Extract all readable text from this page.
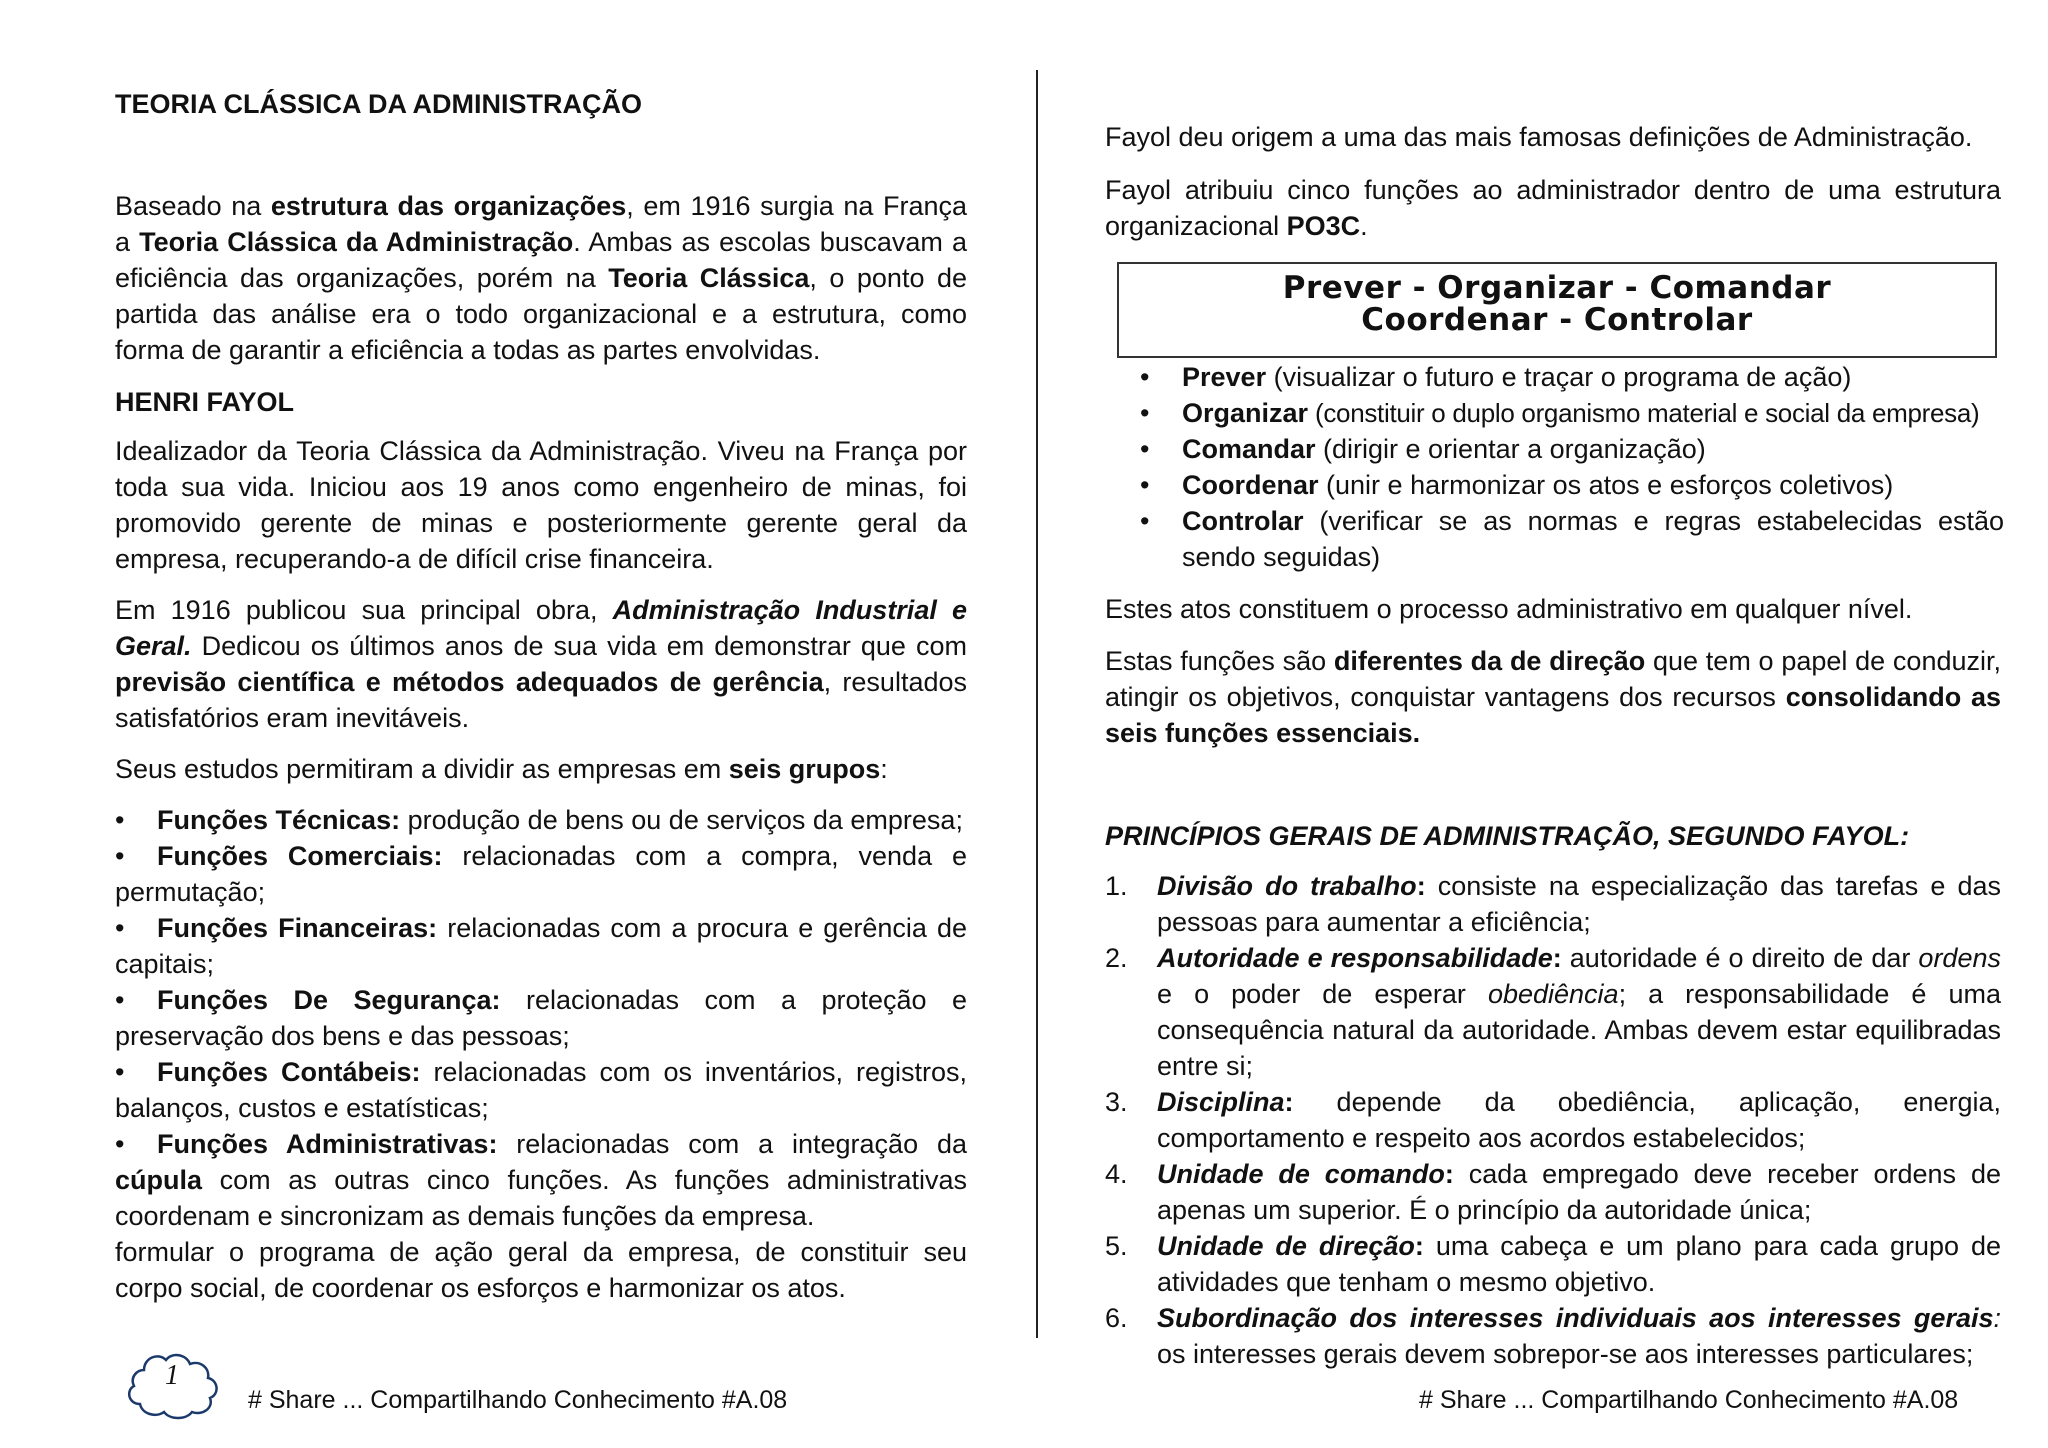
TEORIA CLÁSSICA DA ADMINISTRAÇÃO

Baseado na estrutura das organizações, em 1916 surgia na França a Teoria Clássica da Administração. Ambas as escolas buscavam a eficiência das organizações, porém na Teoria Clássica, o ponto de partida das análise era o todo organizacional e a estrutura, como forma de garantir a eficiência a todas as partes envolvidas.

HENRI FAYOL

Idealizador da Teoria Clássica da Administração. Viveu na França por toda sua vida. Iniciou aos 19 anos como engenheiro de minas, foi promovido gerente de minas e posteriormente gerente geral da empresa, recuperando-a de difícil crise financeira.

Em 1916 publicou sua principal obra, Administração Industrial e Geral. Dedicou os últimos anos de sua vida em demonstrar que com previsão científica e métodos adequados de gerência, resultados satisfatórios eram inevitáveis.

Seus estudos permitiram a dividir as empresas em seis grupos:

• Funções Técnicas: produção de bens ou de serviços da empresa;

• Funções Comerciais: relacionadas com a compra, venda e permutação;

• Funções Financeiras: relacionadas com a procura e gerência de capitais;

• Funções De Segurança: relacionadas com a proteção e preservação dos bens e das pessoas;

• Funções Contábeis: relacionadas com os inventários, registros, balanços, custos e estatísticas;

• Funções Administrativas: relacionadas com a integração da cúpula com as outras cinco funções. As funções administrativas coordenam e sincronizam as demais funções da empresa.

formular o programa de ação geral da empresa, de constituir seu corpo social, de coordenar os esforços e harmonizar os atos.

Fayol deu origem a uma das mais famosas definições de Administração.

Fayol atribuiu cinco funções ao administrador dentro de uma estrutura organizacional PO3C.

Prever - Organizar - Comandar
Coordenar - Controlar
• Prever (visualizar o futuro e traçar o programa de ação)
• Organizar (constituir o duplo organismo material e social da empresa)
• Comandar (dirigir e orientar a organização)
• Coordenar (unir e harmonizar os atos e esforços coletivos)
• Controlar (verificar se as normas e regras estabelecidas estão sendo seguidas)

Estes atos constituem o processo administrativo em qualquer nível.

Estas funções são diferentes da de direção que tem o papel de conduzir, atingir os objetivos, conquistar vantagens dos recursos consolidando as seis funções essenciais.

PRINCÍPIOS GERAIS DE ADMINISTRAÇÃO, SEGUNDO FAYOL:
1.	Divisão do trabalho: consiste na especialização das tarefas e das pessoas para aumentar a eficiência;
2.	Autoridade e responsabilidade: autoridade é o direito de dar ordens e o poder de esperar obediência; a responsabilidade é uma consequência natural da autoridade. Ambas devem estar equilibradas entre si;
3.	Disciplina: depende da obediência, aplicação, energia, comportamento e respeito aos acordos estabelecidos;
4.	Unidade de comando: cada empregado deve receber ordens de apenas um superior. É o princípio da autoridade única;
5.	Unidade de direção: uma cabeça e um plano para cada grupo de atividades que tenham o mesmo objetivo.
6.	Subordinação dos interesses individuais aos interesses gerais: os interesses gerais devem sobrepor-se aos interesses particulares;
1
# Share ... Compartilhando Conhecimento #A.08	# Share ... Compartilhando Conhecimento #A.08
